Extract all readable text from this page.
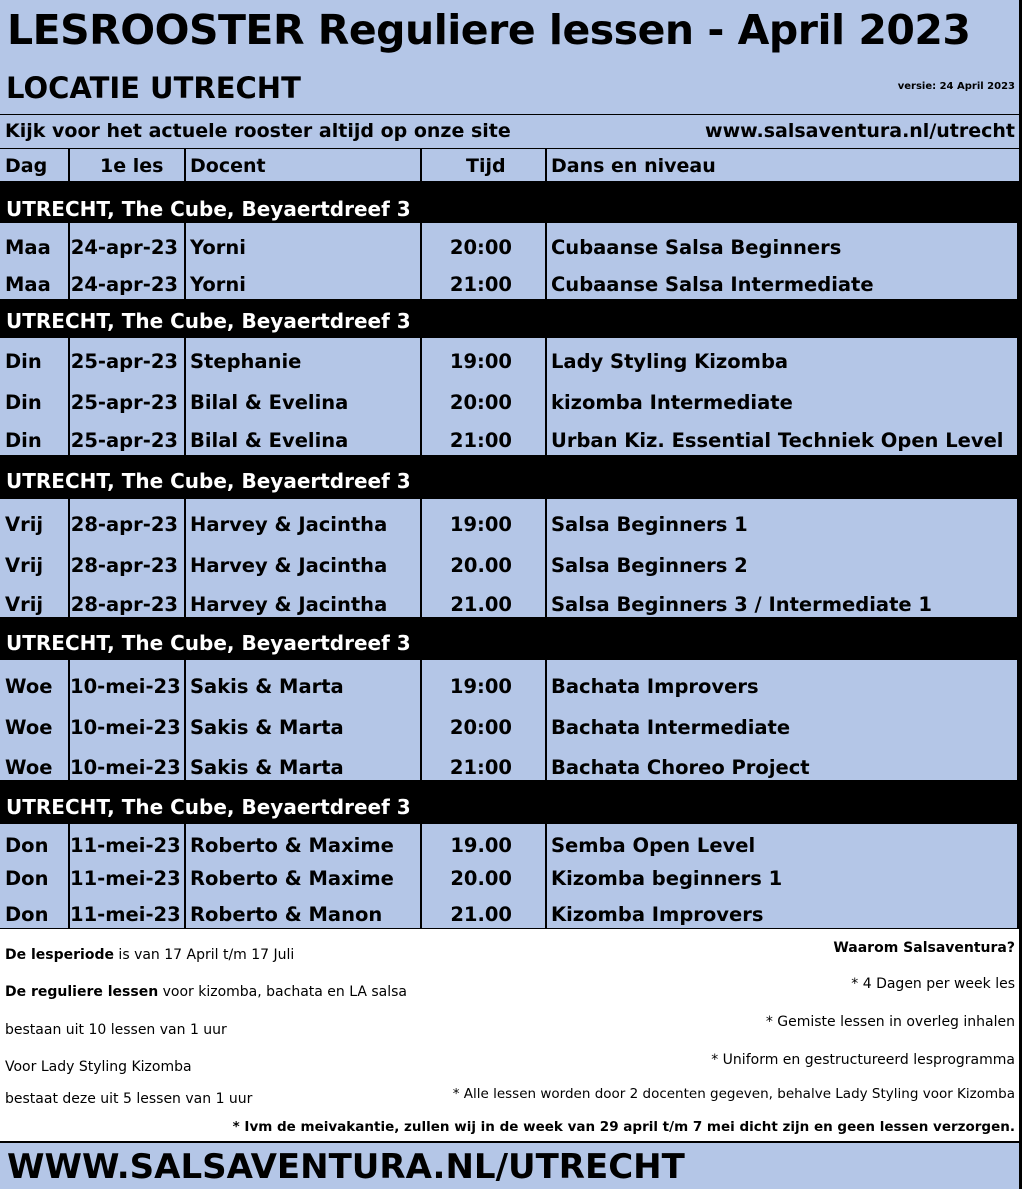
LESROOSTER Reguliere lessen - April 2023
LOCATIE UTRECHT	versie: 24 April 2023
Kijk voor het actuele rooster altijd op onze site	www.salsaventura.nl/utrecht
Dag	1e les Docent	Tijd Dans en niveau
UTRECHT, The Cube, Beyaertdreef 3
Maa 24-apr-23 Yorni	20:00 Cubaanse Salsa Beginners
Maa 24-apr-23 Yorni	21:00 Cubaanse Salsa Intermediate
UTRECHT, The Cube, Beyaertdreef 3
Din 25-apr-23 Stephanie	19:00 Lady Styling Kizomba
Din 25-apr-23 Bilal & Evelina	20:00 kizomba Intermediate
Din 25-apr-23 Bilal & Evelina	21:00 Urban Kiz. Essential Techniek Open Level
UTRECHT, The Cube, Beyaertdreef 3
Vrij 28-apr-23 Harvey & Jacintha	19:00 Salsa Beginners 1
Vrij 28-apr-23 Harvey & Jacintha	20.00 Salsa Beginners 2
Vrij 28-apr-23 Harvey & Jacintha	21.00 Salsa Beginners 3 / Intermediate 1
UTRECHT, The Cube, Beyaertdreef 3
Woe 10-mei-23 Sakis & Marta	19:00 Bachata Improvers
Woe 10-mei-23 Sakis & Marta	20:00 Bachata Intermediate
Woe 10-mei-23 Sakis & Marta	21:00 Bachata Choreo Project
UTRECHT, The Cube, Beyaertdreef 3
Don 11-mei-23 Roberto & Maxime	19.00 Semba Open Level
Don 11-mei-23 Roberto & Maxime	20.00 Kizomba beginners 1
Don 11-mei-23 Roberto & Manon	21.00 Kizomba Improvers
De lesperiode is van 17 April t/m 17 Juli
De reguliere lessen voor kizomba, bachata en LA salsa
bestaan uit 10 lessen van 1 uur
Voor Lady Styling Kizomba
bestaat deze uit 5 lessen van 1 uur
Waarom Salsaventura?
* 4 Dagen per week les
* Gemiste lessen in overleg inhalen
* Uniform en gestructureerd lesprogramma
* Alle lessen worden door 2 docenten gegeven, behalve Lady Styling voor Kizomba
* Ivm de meivakantie, zullen wij in de week van 29 april t/m 7 mei dicht zijn en geen lessen verzorgen.
WWW.SALSAVENTURA.NL/UTRECHT
